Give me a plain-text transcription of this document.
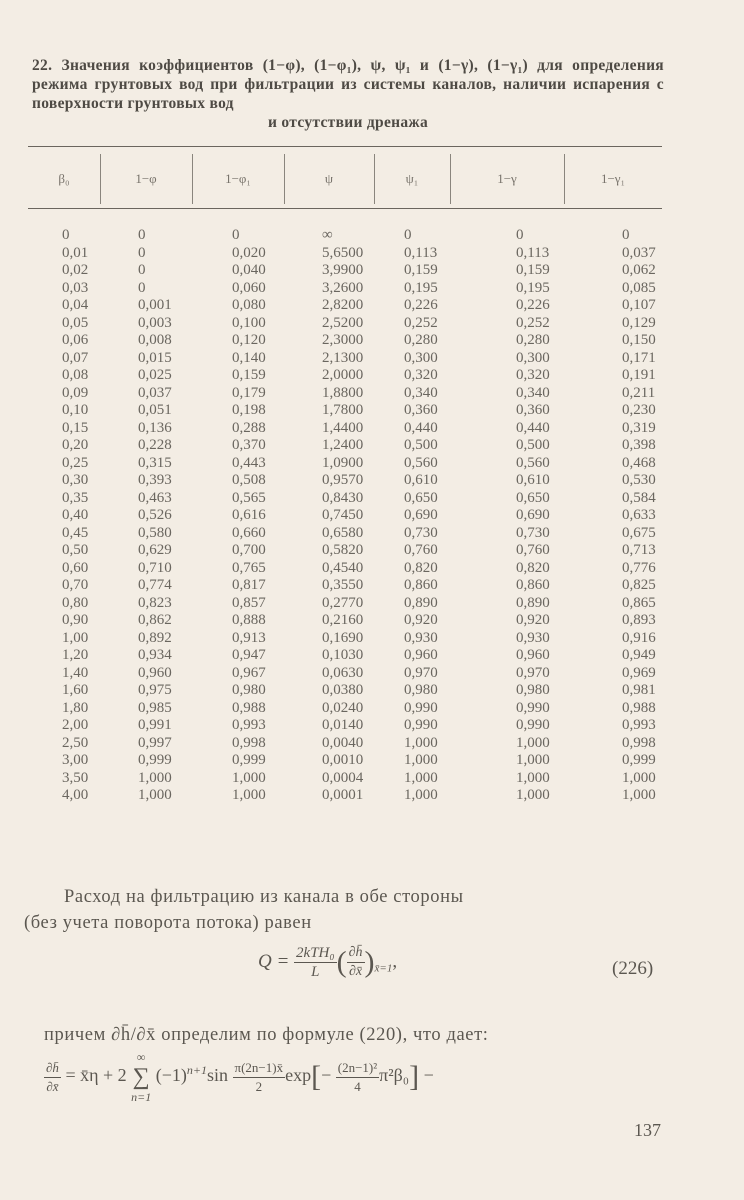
22. Значения коэффициентов (1−φ), (1−φ₁), ψ, ψ₁ и (1−γ), (1−γ₁) для определения режима грунтовых вод при фильтрации из системы каналов, наличии испарения с поверхности грунтовых вод
и отсутствии дренажа
β₀	1−φ	1−φ₁	ψ	ψ₁	1−γ	1−γ₁
0	0	0	∞	0	0	0
0,01	0	0,020	5,6500	0,113	0,113	0,037
0,02	0	0,040	3,9900	0,159	0,159	0,062
0,03	0	0,060	3,2600	0,195	0,195	0,085
0,04	0,001	0,080	2,8200	0,226	0,226	0,107
0,05	0,003	0,100	2,5200	0,252	0,252	0,129
0,06	0,008	0,120	2,3000	0,280	0,280	0,150
0,07	0,015	0,140	2,1300	0,300	0,300	0,171
0,08	0,025	0,159	2,0000	0,320	0,320	0,191
0,09	0,037	0,179	1,8800	0,340	0,340	0,211
0,10	0,051	0,198	1,7800	0,360	0,360	0,230
0,15	0,136	0,288	1,4400	0,440	0,440	0,319
0,20	0,228	0,370	1,2400	0,500	0,500	0,398
0,25	0,315	0,443	1,0900	0,560	0,560	0,468
0,30	0,393	0,508	0,9570	0,610	0,610	0,530
0,35	0,463	0,565	0,8430	0,650	0,650	0,584
0,40	0,526	0,616	0,7450	0,690	0,690	0,633
0,45	0,580	0,660	0,6580	0,730	0,730	0,675
0,50	0,629	0,700	0,5820	0,760	0,760	0,713
0,60	0,710	0,765	0,4540	0,820	0,820	0,776
0,70	0,774	0,817	0,3550	0,860	0,860	0,825
0,80	0,823	0,857	0,2770	0,890	0,890	0,865
0,90	0,862	0,888	0,2160	0,920	0,920	0,893
1,00	0,892	0,913	0,1690	0,930	0,930	0,916
1,20	0,934	0,947	0,1030	0,960	0,960	0,949
1,40	0,960	0,967	0,0630	0,970	0,970	0,969
1,60	0,975	0,980	0,0380	0,980	0,980	0,981
1,80	0,985	0,988	0,0240	0,990	0,990	0,988
2,00	0,991	0,993	0,0140	0,990	0,990	0,993
2,50	0,997	0,998	0,0040	1,000	1,000	0,998
3,00	0,999	0,999	0,0010	1,000	1,000	0,999
3,50	1,000	1,000	0,0004	1,000	1,000	1,000
4,00	1,000	1,000	0,0001	1,000	1,000	1,000
Расход на фильтрацию из канала в обе стороны
(без учета поворота потока) равен
$Q = \frac{\text{2kTH₀}}{L}$ ( $\frac{\partial h̄}{\partial x̄} )_{x̄=1}$,	(226)
причем ∂h̄/∂x̄ определим по формуле (220), что дает:
$\frac{\partial h̄}{\partial x̄}$ = x̄η + 2
∞
∑
n=1
$(-1)^{n+1}\sin \frac{\pi(2n-1)x̄}{2} \exp[- \frac{\text{(2n−1)²}}{4} \pi^2\beta_0]$ −
137
